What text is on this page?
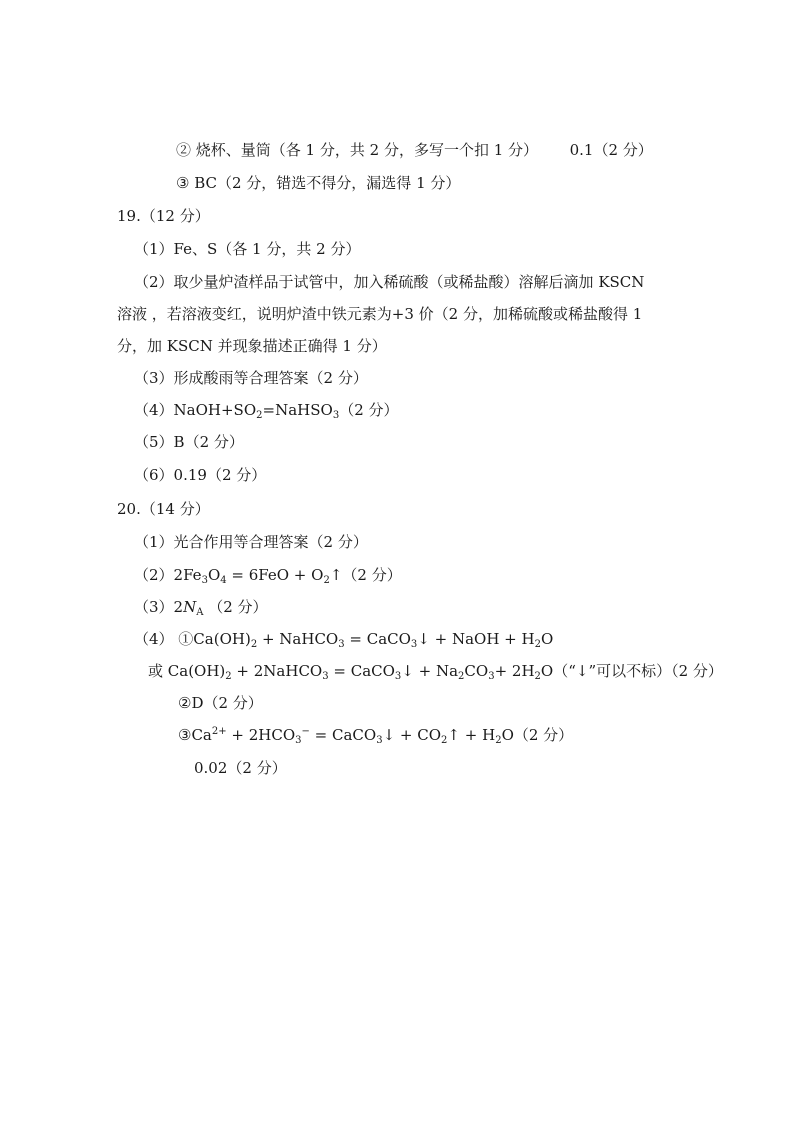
② 烧杯、量筒（各 1 分，共 2 分，多写一个扣 1 分） 0.1（2 分）
③ BC（2 分，错选不得分，漏选得 1 分）
19.（12 分）
（1）Fe、S（各 1 分，共 2 分）
（2）取少量炉渣样品于试管中，加入稀硫酸（或稀盐酸）溶解后滴加 KSCN
溶液 ，若溶液变红，说明炉渣中铁元素为+3 价（2 分，加稀硫酸或稀盐酸得 1
分，加 KSCN 并现象描述正确得 1 分）
（3）形成酸雨等合理答案（2 分）
$(4)NaOH+SO_2=NaHSO_3(2$ 分）
（5）B（2 分）
（6）0.19（2 分）
20.（14 分）
（1）光合作用等合理答案（2 分）
$(2)2Fe_3O_4 = 6FeO$ + $O_2↑(2$ 分）
$(3)2N_A$ （2 分）
（4） $①Ca(OH)_2$ + NaHCO$_3$ = CaCO$_3$↓ + NaOH + $H_2O$
或 $Ca(OH)_2$ + 2NaHCO$_3$ = CaCO$_3$↓ + $Na_2CO_3+$ $2H_2O(“↓$”可以不标）（2 分）
②D（2 分）
$③Ca^{2+} + 2HCO_3^-$ = CaCO$_3$↓ + $CO_2↑ + H_2O(2$ 分）
0.02（2 分）
